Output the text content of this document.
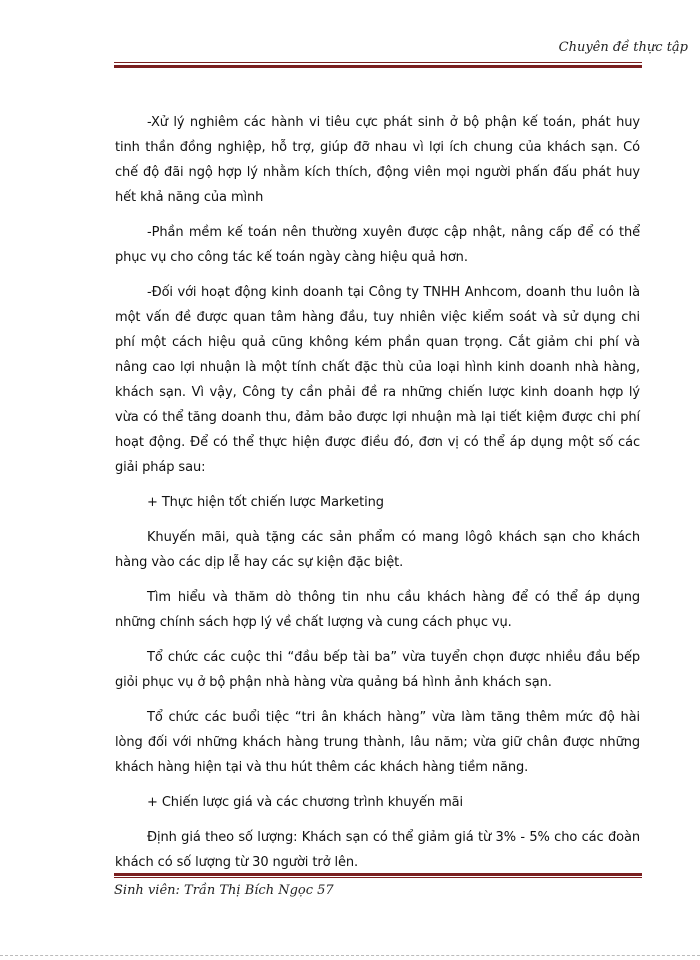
Chuyên đề thực tập

-Xử lý nghiêm các hành vi tiêu cực phát sinh ở bộ phận kế toán, phát huy tinh thần đồng nghiệp, hỗ trợ, giúp đỡ nhau vì lợi ích chung của khách sạn. Có chế độ đãi ngộ hợp lý nhằm kích thích, động viên mọi người phấn đấu phát huy hết khả năng của mình

-Phần mềm kế toán nên thường xuyên được cập nhật, nâng cấp để có thể phục vụ cho công tác kế toán ngày càng hiệu quả hơn.

-Đối với hoạt động kinh doanh tại Công ty TNHH Anhcom, doanh thu luôn là một vấn đề được quan tâm hàng đầu, tuy nhiên việc kiểm soát và sử dụng chi phí một cách hiệu quả cũng không kém phần quan trọng. Cắt giảm chi phí và nâng cao lợi nhuận là một tính chất đặc thù của loại hình kinh doanh nhà hàng, khách sạn. Vì vậy, Công ty cần phải đề ra những chiến lược kinh doanh hợp lý vừa có thể tăng doanh thu, đảm bảo được lợi nhuận mà lại tiết kiệm được chi phí hoạt động. Để có thể thực hiện được điều đó, đơn vị có thể áp dụng một số các giải pháp sau:

+ Thực hiện tốt chiến lược Marketing

Khuyến mãi, quà tặng các sản phẩm có mang lôgô khách sạn cho khách hàng vào các dịp lễ hay các sự kiện đặc biệt.

Tìm hiểu và thăm dò thông tin nhu cầu khách hàng để có thể áp dụng những chính sách hợp lý về chất lượng và cung cách phục vụ.

Tổ chức các cuộc thi “đầu bếp tài ba” vừa tuyển chọn được nhiều đầu bếp giỏi phục vụ ở bộ phận nhà hàng vừa quảng bá hình ảnh khách sạn.

Tổ chức các buổi tiệc “tri ân khách hàng” vừa làm tăng thêm mức độ hài lòng đối với những khách hàng trung thành, lâu năm; vừa giữ chân được những khách hàng hiện tại và thu hút thêm các khách hàng tiềm năng.

+ Chiến lược giá và các chương trình khuyến mãi

Định giá theo số lượng: Khách sạn có thể giảm giá từ 3% - 5% cho các đoàn khách có số lượng từ 30 người trở lên.

Sinh viên: Trần Thị Bích Ngọc 57
